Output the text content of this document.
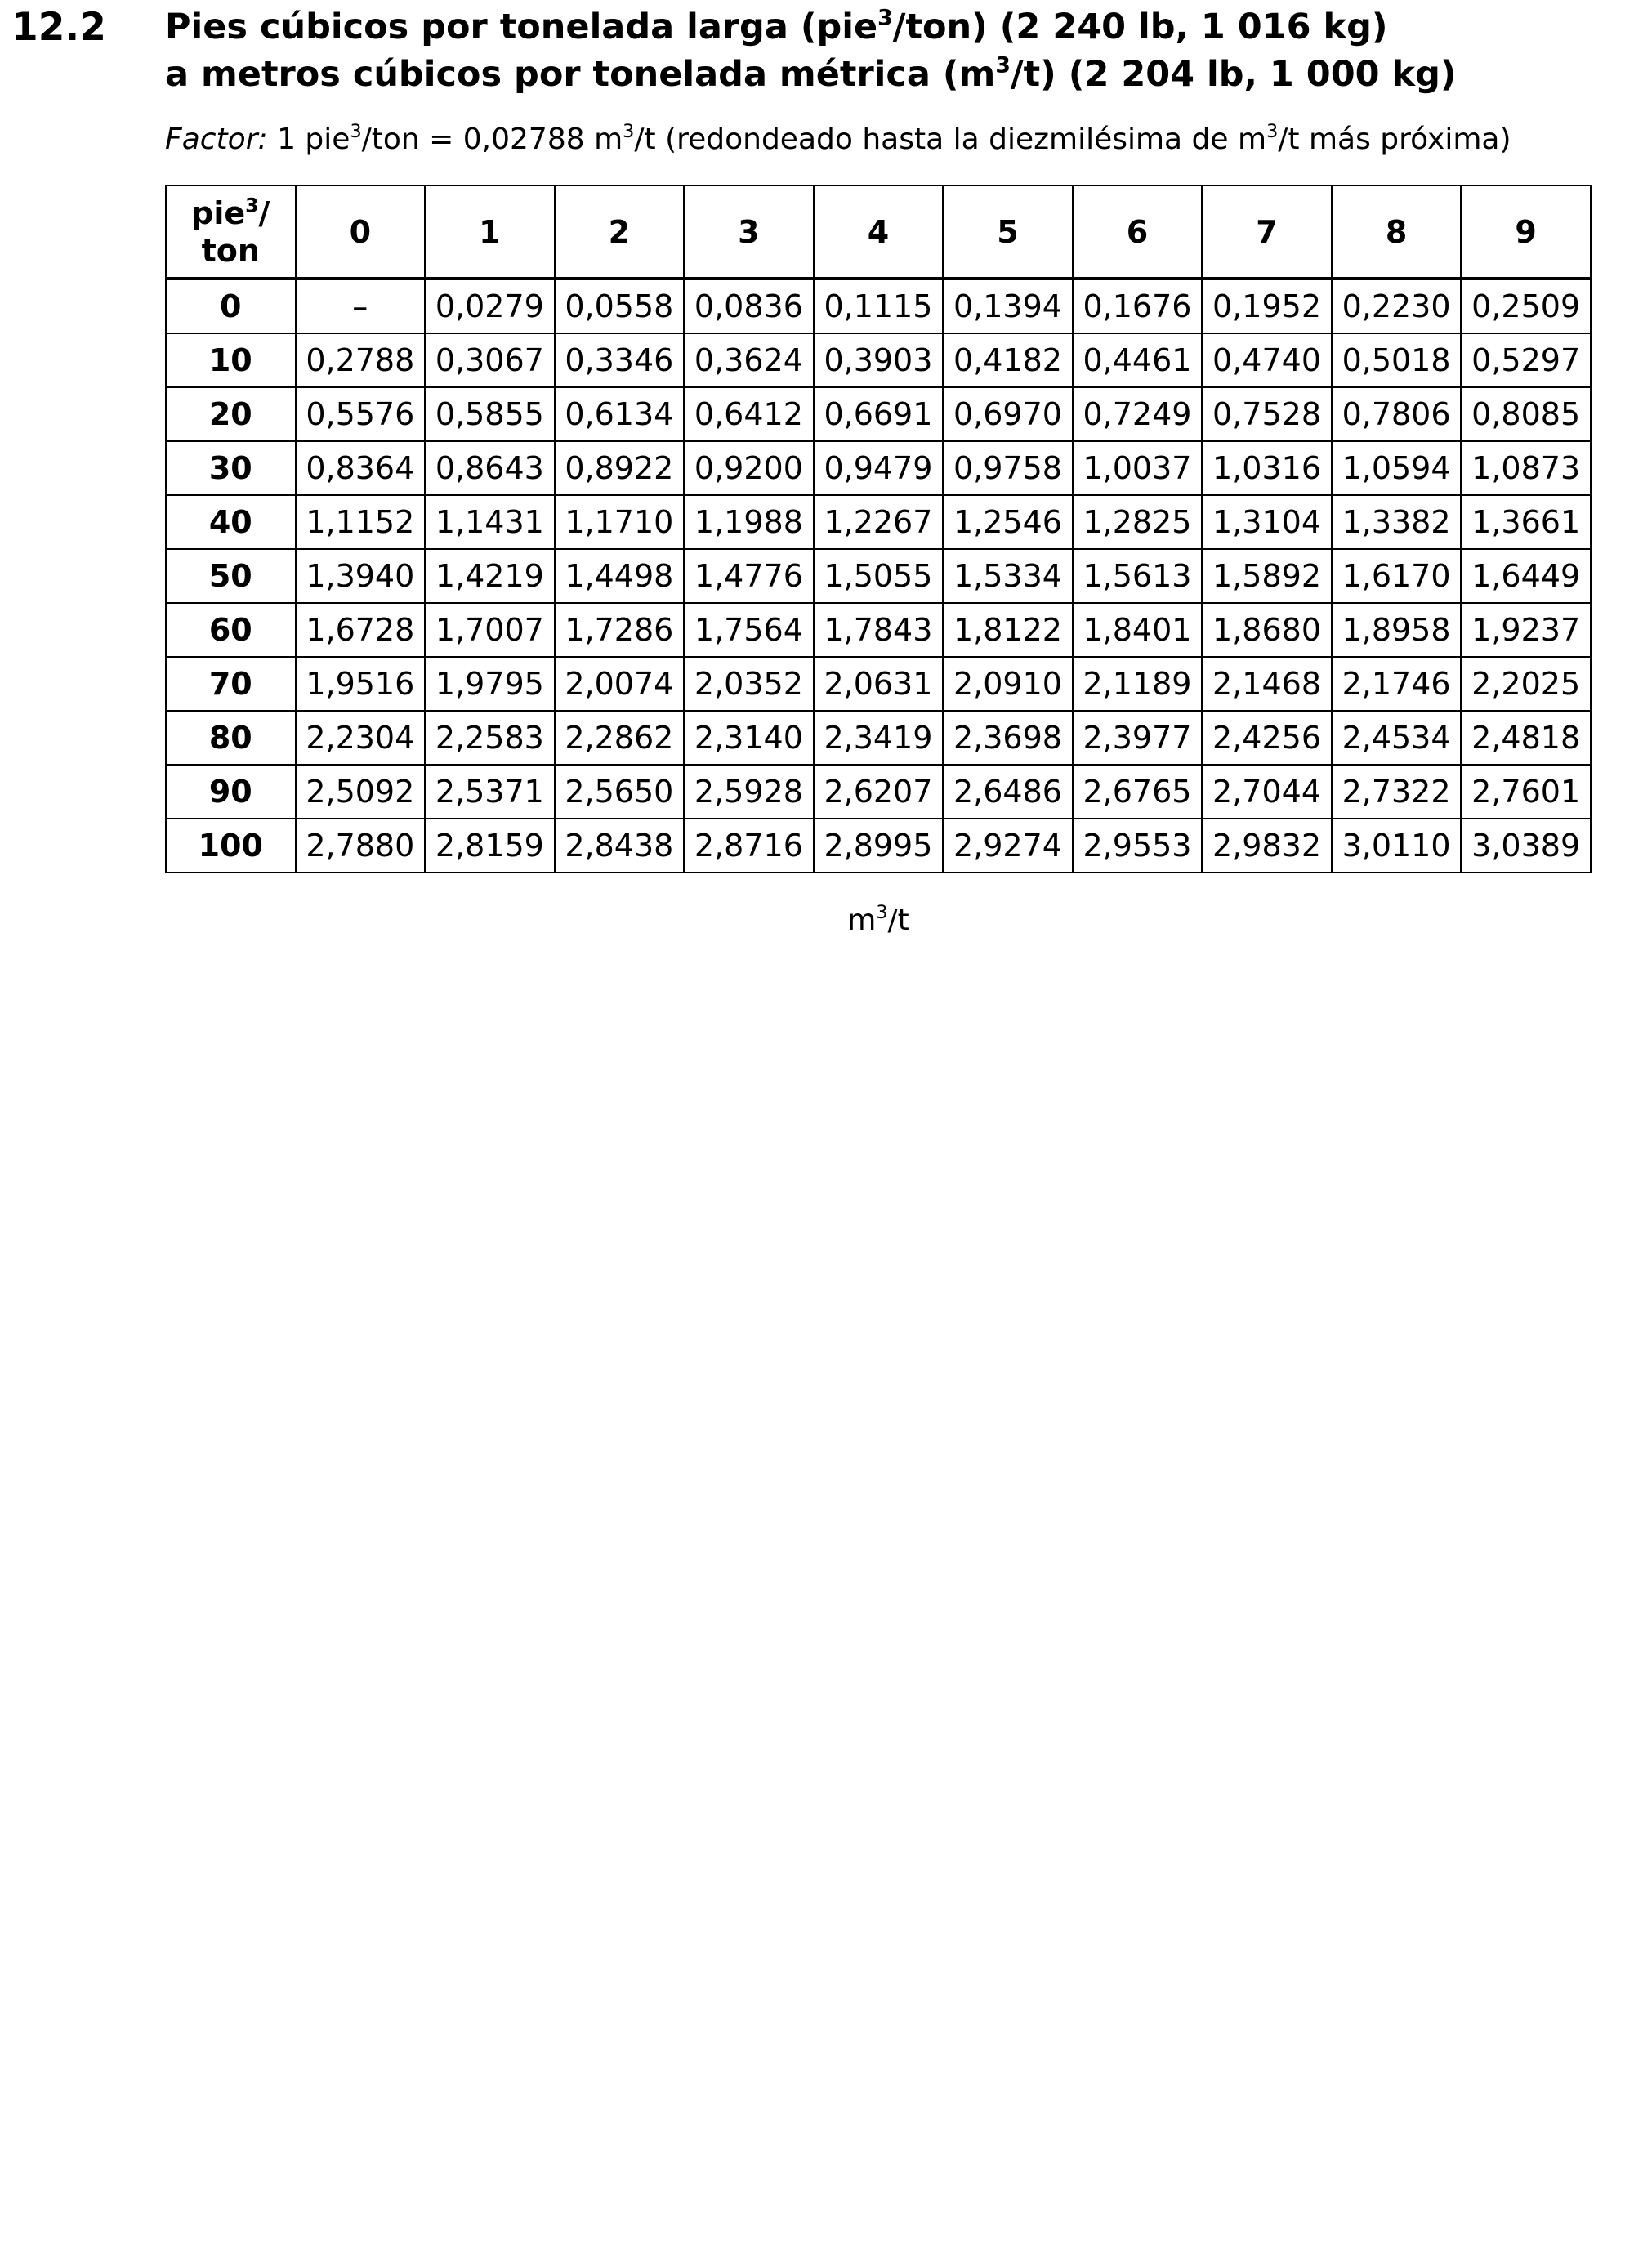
12.2 Pies cúbicos por tonelada larga (pie$^3$/ton) (2 240 lb, 1 016 kg)
a metros cúbicos por tonelada métrica $(m^3/t)$ (2 204 lb, 1 000 kg)
Factor: 1 pie$^3$/ton = 0,02788 $m^3/t$ (redondeado hasta la diezmilésima de $m^3/t$ más próxima)
pie$^3$/
ton	0	1	2	3	4	5	6	7	8	9
0	–	0,0279	0,0558	0,0836	0,1115	0,1394	0,1676	0,1952	0,2230	0,2509
10	0,2788	0,3067	0,3346	0,3624	0,3903	0,4182	0,4461	0,4740	0,5018	0,5297
20	0,5576	0,5855	0,6134	0,6412	0,6691	0,6970	0,7249	0,7528	0,7806	0,8085
30	0,8364	0,8643	0,8922	0,9200	0,9479	0,9758	1,0037	1,0316	1,0594	1,0873
40	1,1152	1,1431	1,1710	1,1988	1,2267	1,2546	1,2825	1,3104	1,3382	1,3661
50	1,3940	1,4219	1,4498	1,4776	1,5055	1,5334	1,5613	1,5892	1,6170	1,6449
60	1,6728	1,7007	1,7286	1,7564	1,7843	1,8122	1,8401	1,8680	1,8958	1,9237
70	1,9516	1,9795	2,0074	2,0352	2,0631	2,0910	2,1189	2,1468	2,1746	2,2025
80	2,2304	2,2583	2,2862	2,3140	2,3419	2,3698	2,3977	2,4256	2,4534	2,4818
90	2,5092	2,5371	2,5650	2,5928	2,6207	2,6486	2,6765	2,7044	2,7322	2,7601
100	2,7880	2,8159	2,8438	2,8716	2,8995	2,9274	2,9553	2,9832	3,0110	3,0389
$m^3/t$
